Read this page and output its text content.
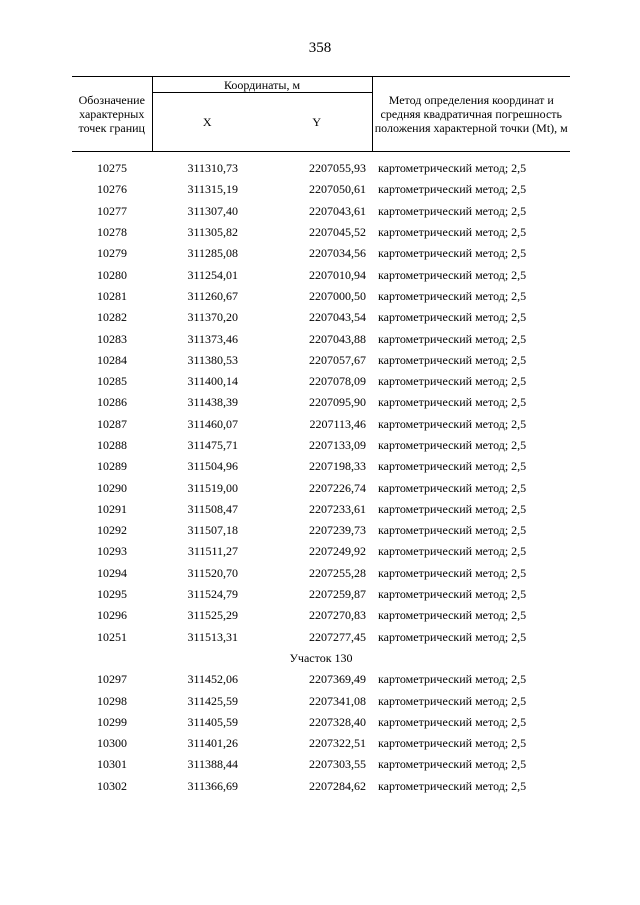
358
Обозначение характерных точек границ	Координаты, м		Метод определения координат и средняя квадратичная погрешность положения характерной точки (Mt), м
	X	Y	

10275	311310,73	2207055,93	картометрический метод; 2,5
10276	311315,19	2207050,61	картометрический метод; 2,5
10277	311307,40	2207043,61	картометрический метод; 2,5
10278	311305,82	2207045,52	картометрический метод; 2,5
10279	311285,08	2207034,56	картометрический метод; 2,5
10280	311254,01	2207010,94	картометрический метод; 2,5
10281	311260,67	2207000,50	картометрический метод; 2,5
10282	311370,20	2207043,54	картометрический метод; 2,5
10283	311373,46	2207043,88	картометрический метод; 2,5
10284	311380,53	2207057,67	картометрический метод; 2,5
10285	311400,14	2207078,09	картометрический метод; 2,5
10286	311438,39	2207095,90	картометрический метод; 2,5
10287	311460,07	2207113,46	картометрический метод; 2,5
10288	311475,71	2207133,09	картометрический метод; 2,5
10289	311504,96	2207198,33	картометрический метод; 2,5
10290	311519,00	2207226,74	картометрический метод; 2,5
10291	311508,47	2207233,61	картометрический метод; 2,5
10292	311507,18	2207239,73	картометрический метод; 2,5
10293	311511,27	2207249,92	картометрический метод; 2,5
10294	311520,70	2207255,28	картометрический метод; 2,5
10295	311524,79	2207259,87	картометрический метод; 2,5
10296	311525,29	2207270,83	картометрический метод; 2,5
10251	311513,31	2207277,45	картометрический метод; 2,5
Участок 130			
10297	311452,06	2207369,49	картометрический метод; 2,5
10298	311425,59	2207341,08	картометрический метод; 2,5
10299	311405,59	2207328,40	картометрический метод; 2,5
10300	311401,26	2207322,51	картометрический метод; 2,5
10301	311388,44	2207303,55	картометрический метод; 2,5
10302	311366,69	2207284,62	картометрический метод; 2,5
